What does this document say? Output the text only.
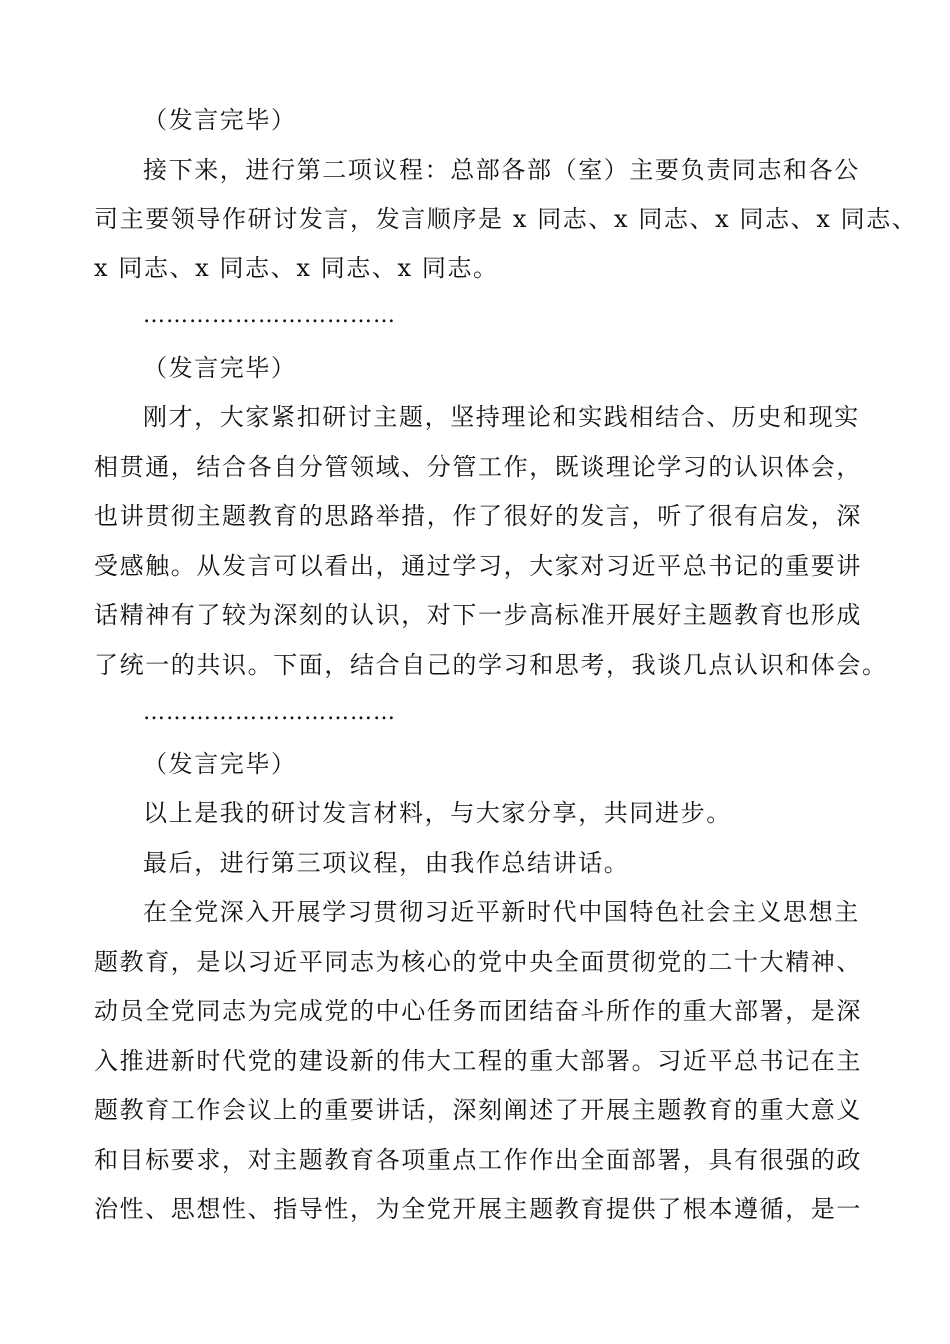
（发言完毕）
接下来，进行第二项议程：总部各部（室）主要负责同志和各公
司主要领导作研讨发言，发言顺序是 x 同志、x 同志、x 同志、x 同志、
x 同志、x 同志、x 同志、x 同志。
……………………………
（发言完毕）
刚才，大家紧扣研讨主题，坚持理论和实践相结合、历史和现实
相贯通，结合各自分管领域、分管工作，既谈理论学习的认识体会，
也讲贯彻主题教育的思路举措，作了很好的发言，听了很有启发，深
受感触。从发言可以看出，通过学习，大家对习近平总书记的重要讲
话精神有了较为深刻的认识，对下一步高标准开展好主题教育也形成
了统一的共识。下面，结合自己的学习和思考，我谈几点认识和体会。
……………………………
（发言完毕）
以上是我的研讨发言材料，与大家分享，共同进步。
最后，进行第三项议程，由我作总结讲话。
在全党深入开展学习贯彻习近平新时代中国特色社会主义思想主
题教育，是以习近平同志为核心的党中央全面贯彻党的二十大精神、
动员全党同志为完成党的中心任务而团结奋斗所作的重大部署，是深
入推进新时代党的建设新的伟大工程的重大部署。习近平总书记在主
题教育工作会议上的重要讲话，深刻阐述了开展主题教育的重大意义
和目标要求，对主题教育各项重点工作作出全面部署，具有很强的政
治性、思想性、指导性，为全党开展主题教育提供了根本遵循，是一
